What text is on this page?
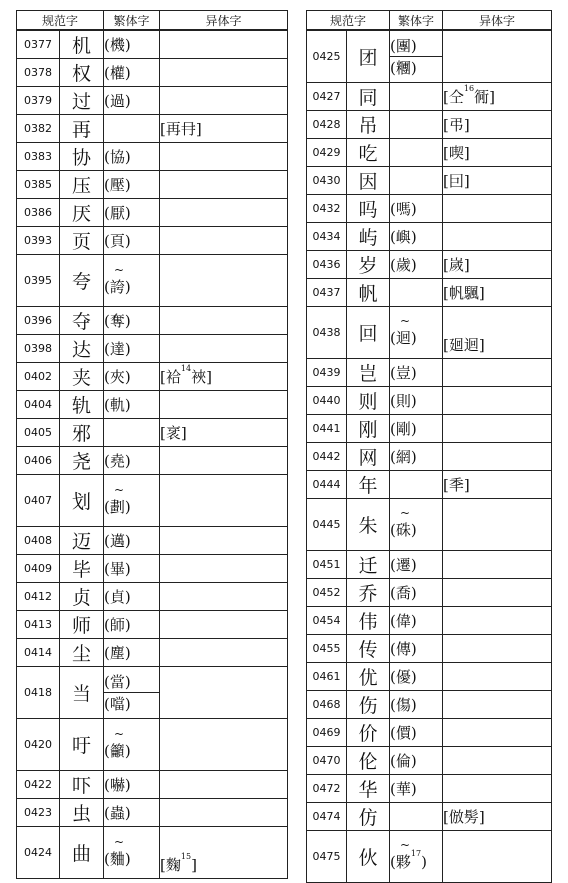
规范字		繁体字	异体字
0377	机	(機)	

0378	权	(權)	

0379	过	(過)	

0382	再		[再冄]
0383	协	(協)	

0385	压	(壓)	

0386	厌	(厭)	

0393	页	(頁)	

0395	夸	~
(誇)	

0396	夺	(奪)	

0398	达	(達)	

0402	夹	(夾)	[袷$^{14}$裌]
0404	轨	(軌)	

0405	邪		[衺]
0406	尧	(堯)	

0407	划	~
(劃)	

0408	迈	(邁)	

0409	毕	(畢)	

0412	贞	(貞)	

0413	师	(師)	

0414	尘	(塵)	

0418	当	(當)
(噹)	

0420	吁	~
(籲)	

0422	吓	(嚇)	

0423	虫	(蟲)	

0424	曲	~
(麯)	[麴$^{15}$]
规范字		繁体字	异体字
0425	团	(團)
(糰)	

0427	同		[仝$^{16}$衕]
0428	吊		[弔]
0429	吃		[喫]
0430	因		[囙]
0432	吗	(嗎)	

0434	屿	(嶼)	

0436	岁	(歲)	[嵗]
0437	帆		[帆颿]
0438	回	~
(迴)	[廻迴]
0439	岂	(豈)	

0440	则	(則)	

0441	刚	(剛)	

0442	网	(網)	

0444	年		[秊]
0445	朱	~
(硃)	

0451	迁	(遷)	

0452	乔	(喬)	

0454	伟	(偉)	

0455	传	(傳)	

0461	优	(優)	

0468	伤	(傷)	

0469	价	(價)	

0470	伦	(倫)	

0472	华	(華)	

0474	仿		[倣髣]
0475	伙	~
(夥$^{17}$)	
